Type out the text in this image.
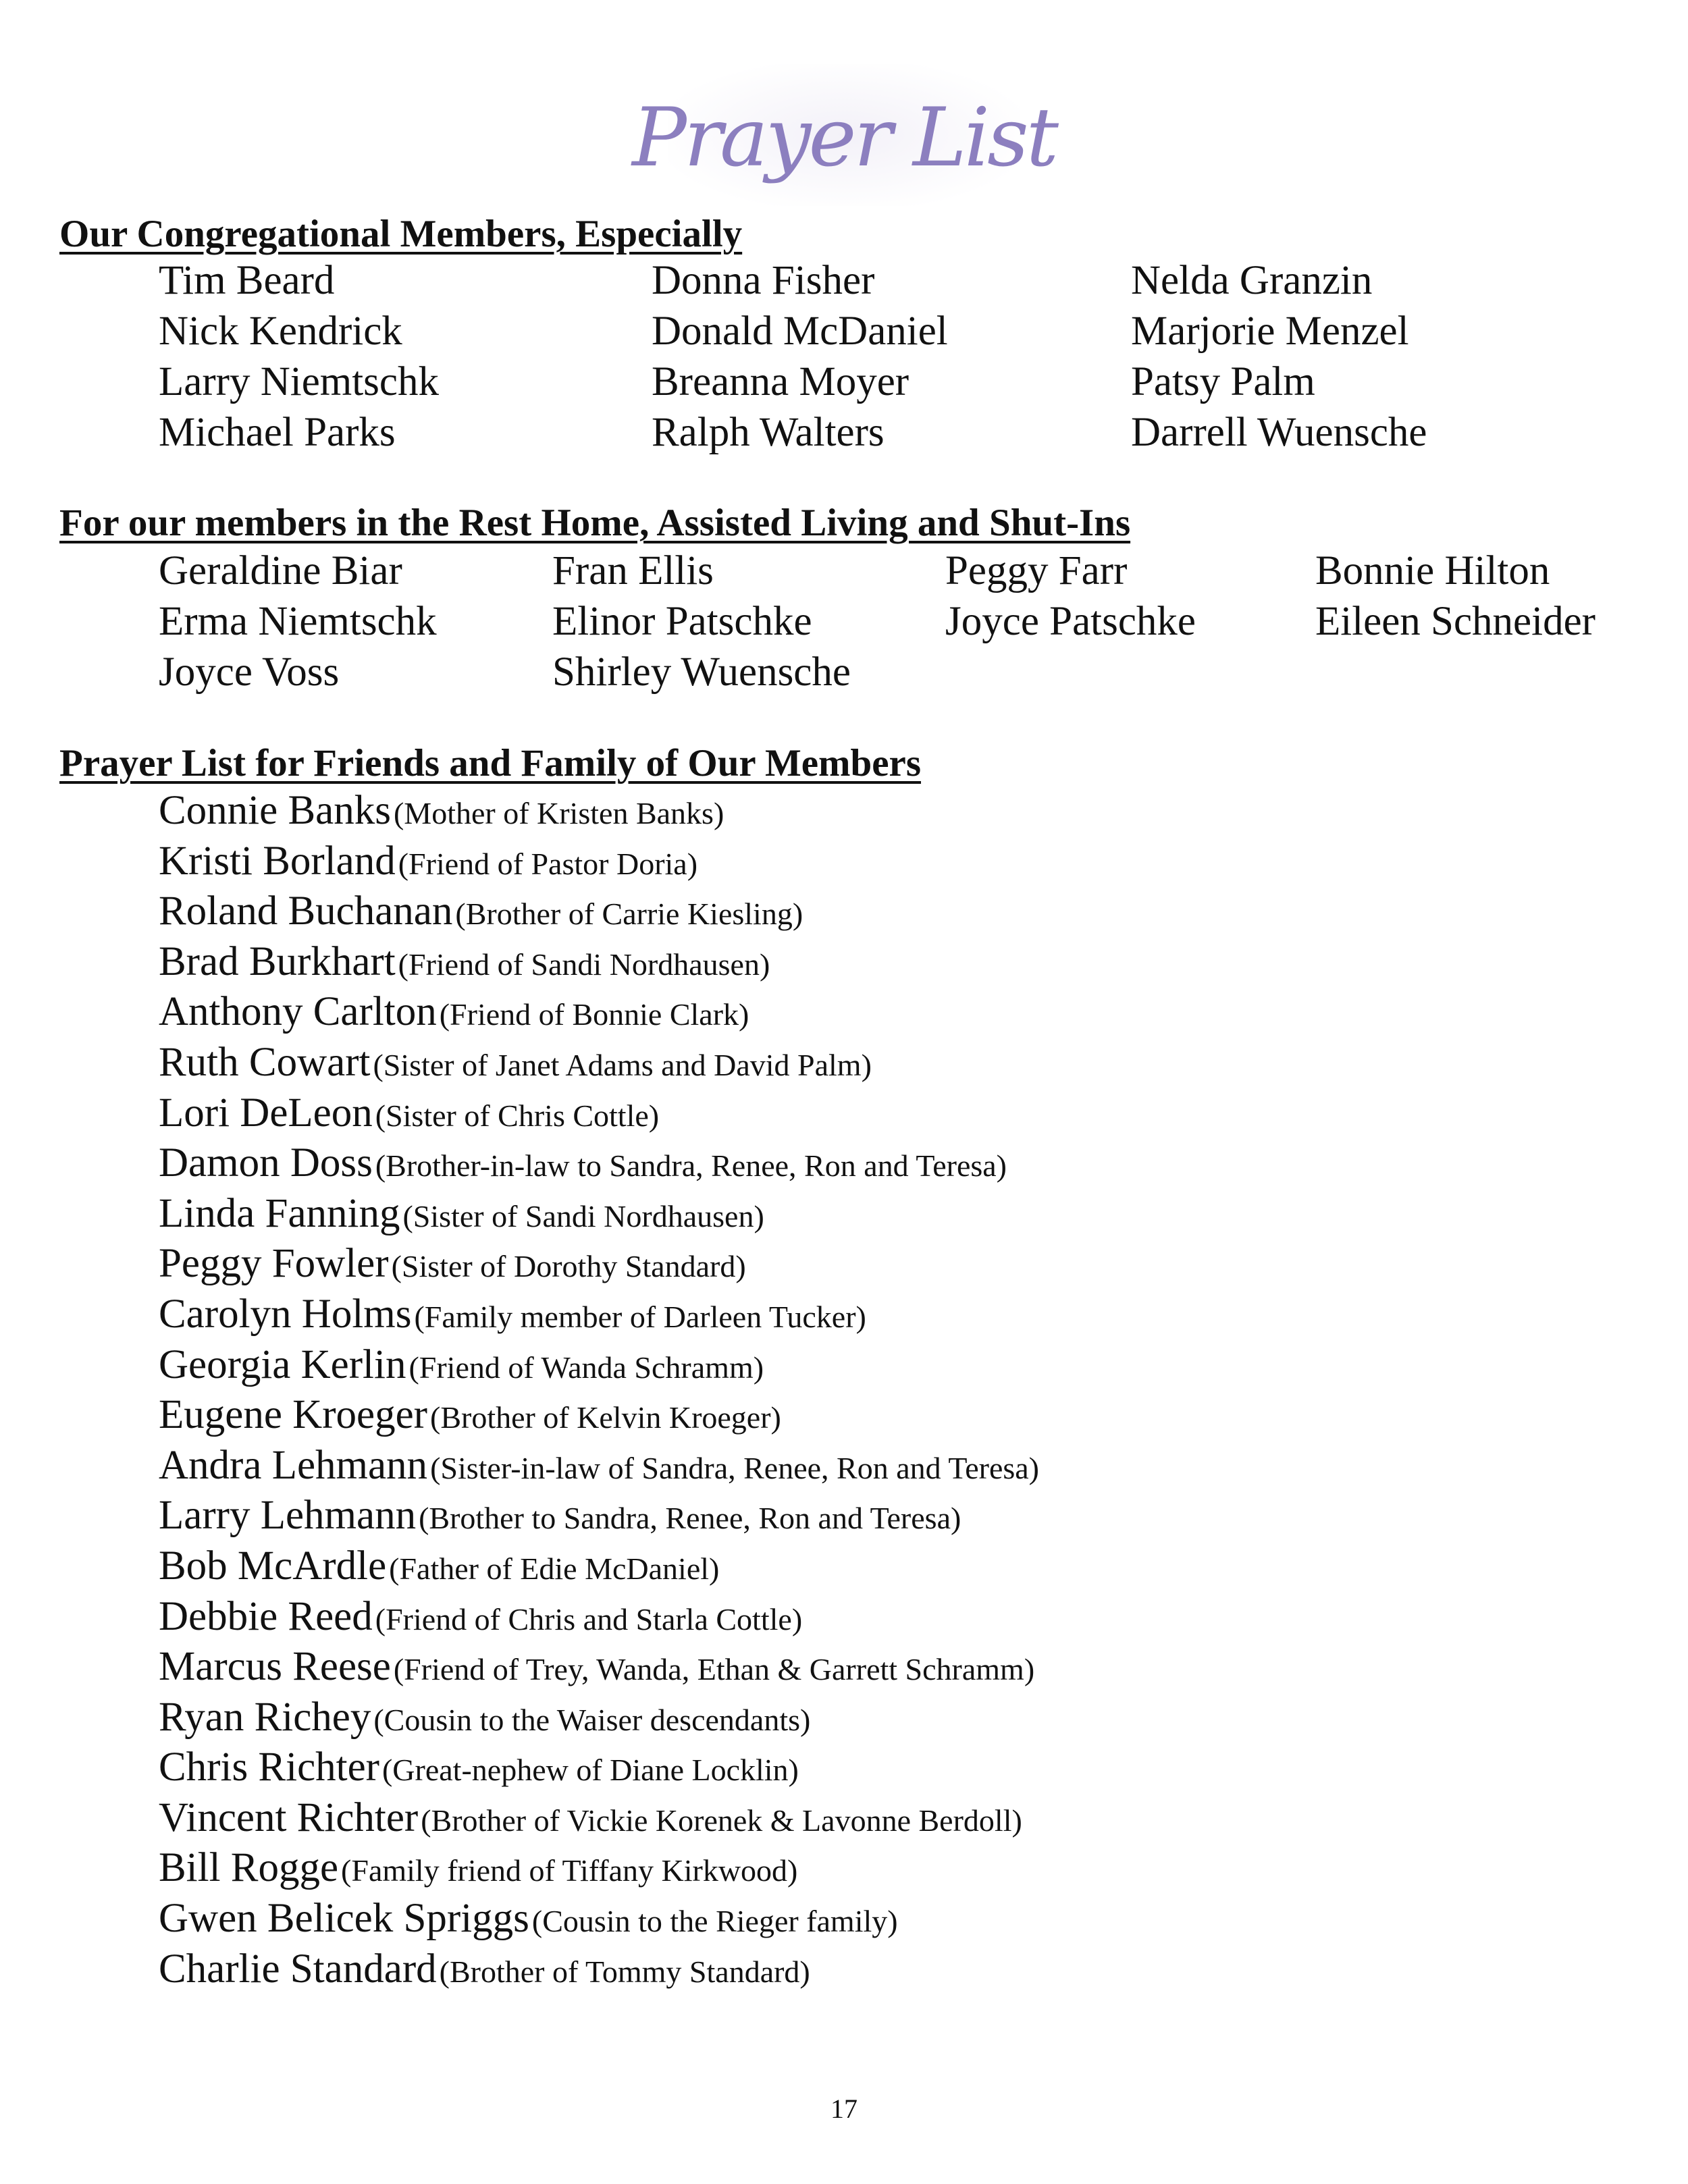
Prayer List
Our Congregational Members, Especially
Tim Beard	Donna Fisher	Nelda Granzin
Nick Kendrick	Donald McDaniel	Marjorie Menzel
Larry Niemtschk	Breanna Moyer	Patsy Palm
Michael Parks	Ralph Walters	Darrell Wuensche
For our members in the Rest Home, Assisted Living and Shut-Ins
Geraldine Biar	Fran Ellis	Peggy Farr	Bonnie Hilton
Erma Niemtschk	Elinor Patschke	Joyce Patschke	Eileen Schneider
Joyce Voss	Shirley Wuensche
Prayer List for Friends and Family of Our Members
Connie Banks (Mother of Kristen Banks)
Kristi Borland (Friend of Pastor Doria)
Roland Buchanan (Brother of Carrie Kiesling)
Brad Burkhart (Friend of Sandi Nordhausen)
Anthony Carlton (Friend of Bonnie Clark)
Ruth Cowart (Sister of Janet Adams and David Palm)
Lori DeLeon (Sister of Chris Cottle)
Damon Doss (Brother-in-law to Sandra, Renee, Ron and Teresa)
Linda Fanning (Sister of Sandi Nordhausen)
Peggy Fowler (Sister of Dorothy Standard)
Carolyn Holms (Family member of Darleen Tucker)
Georgia Kerlin (Friend of Wanda Schramm)
Eugene Kroeger (Brother of Kelvin Kroeger)
Andra Lehmann (Sister-in-law of Sandra, Renee, Ron and Teresa)
Larry Lehmann (Brother to Sandra, Renee, Ron and Teresa)
Bob McArdle (Father of Edie McDaniel)
Debbie Reed (Friend of Chris and Starla Cottle)
Marcus Reese (Friend of Trey, Wanda, Ethan & Garrett Schramm)
Ryan Richey (Cousin to the Waiser descendants)
Chris Richter (Great-nephew of Diane Locklin)
Vincent Richter (Brother of Vickie Korenek & Lavonne Berdoll)
Bill Rogge (Family friend of Tiffany Kirkwood)
Gwen Belicek Spriggs (Cousin to the Rieger family)
Charlie Standard (Brother of Tommy Standard)
17
